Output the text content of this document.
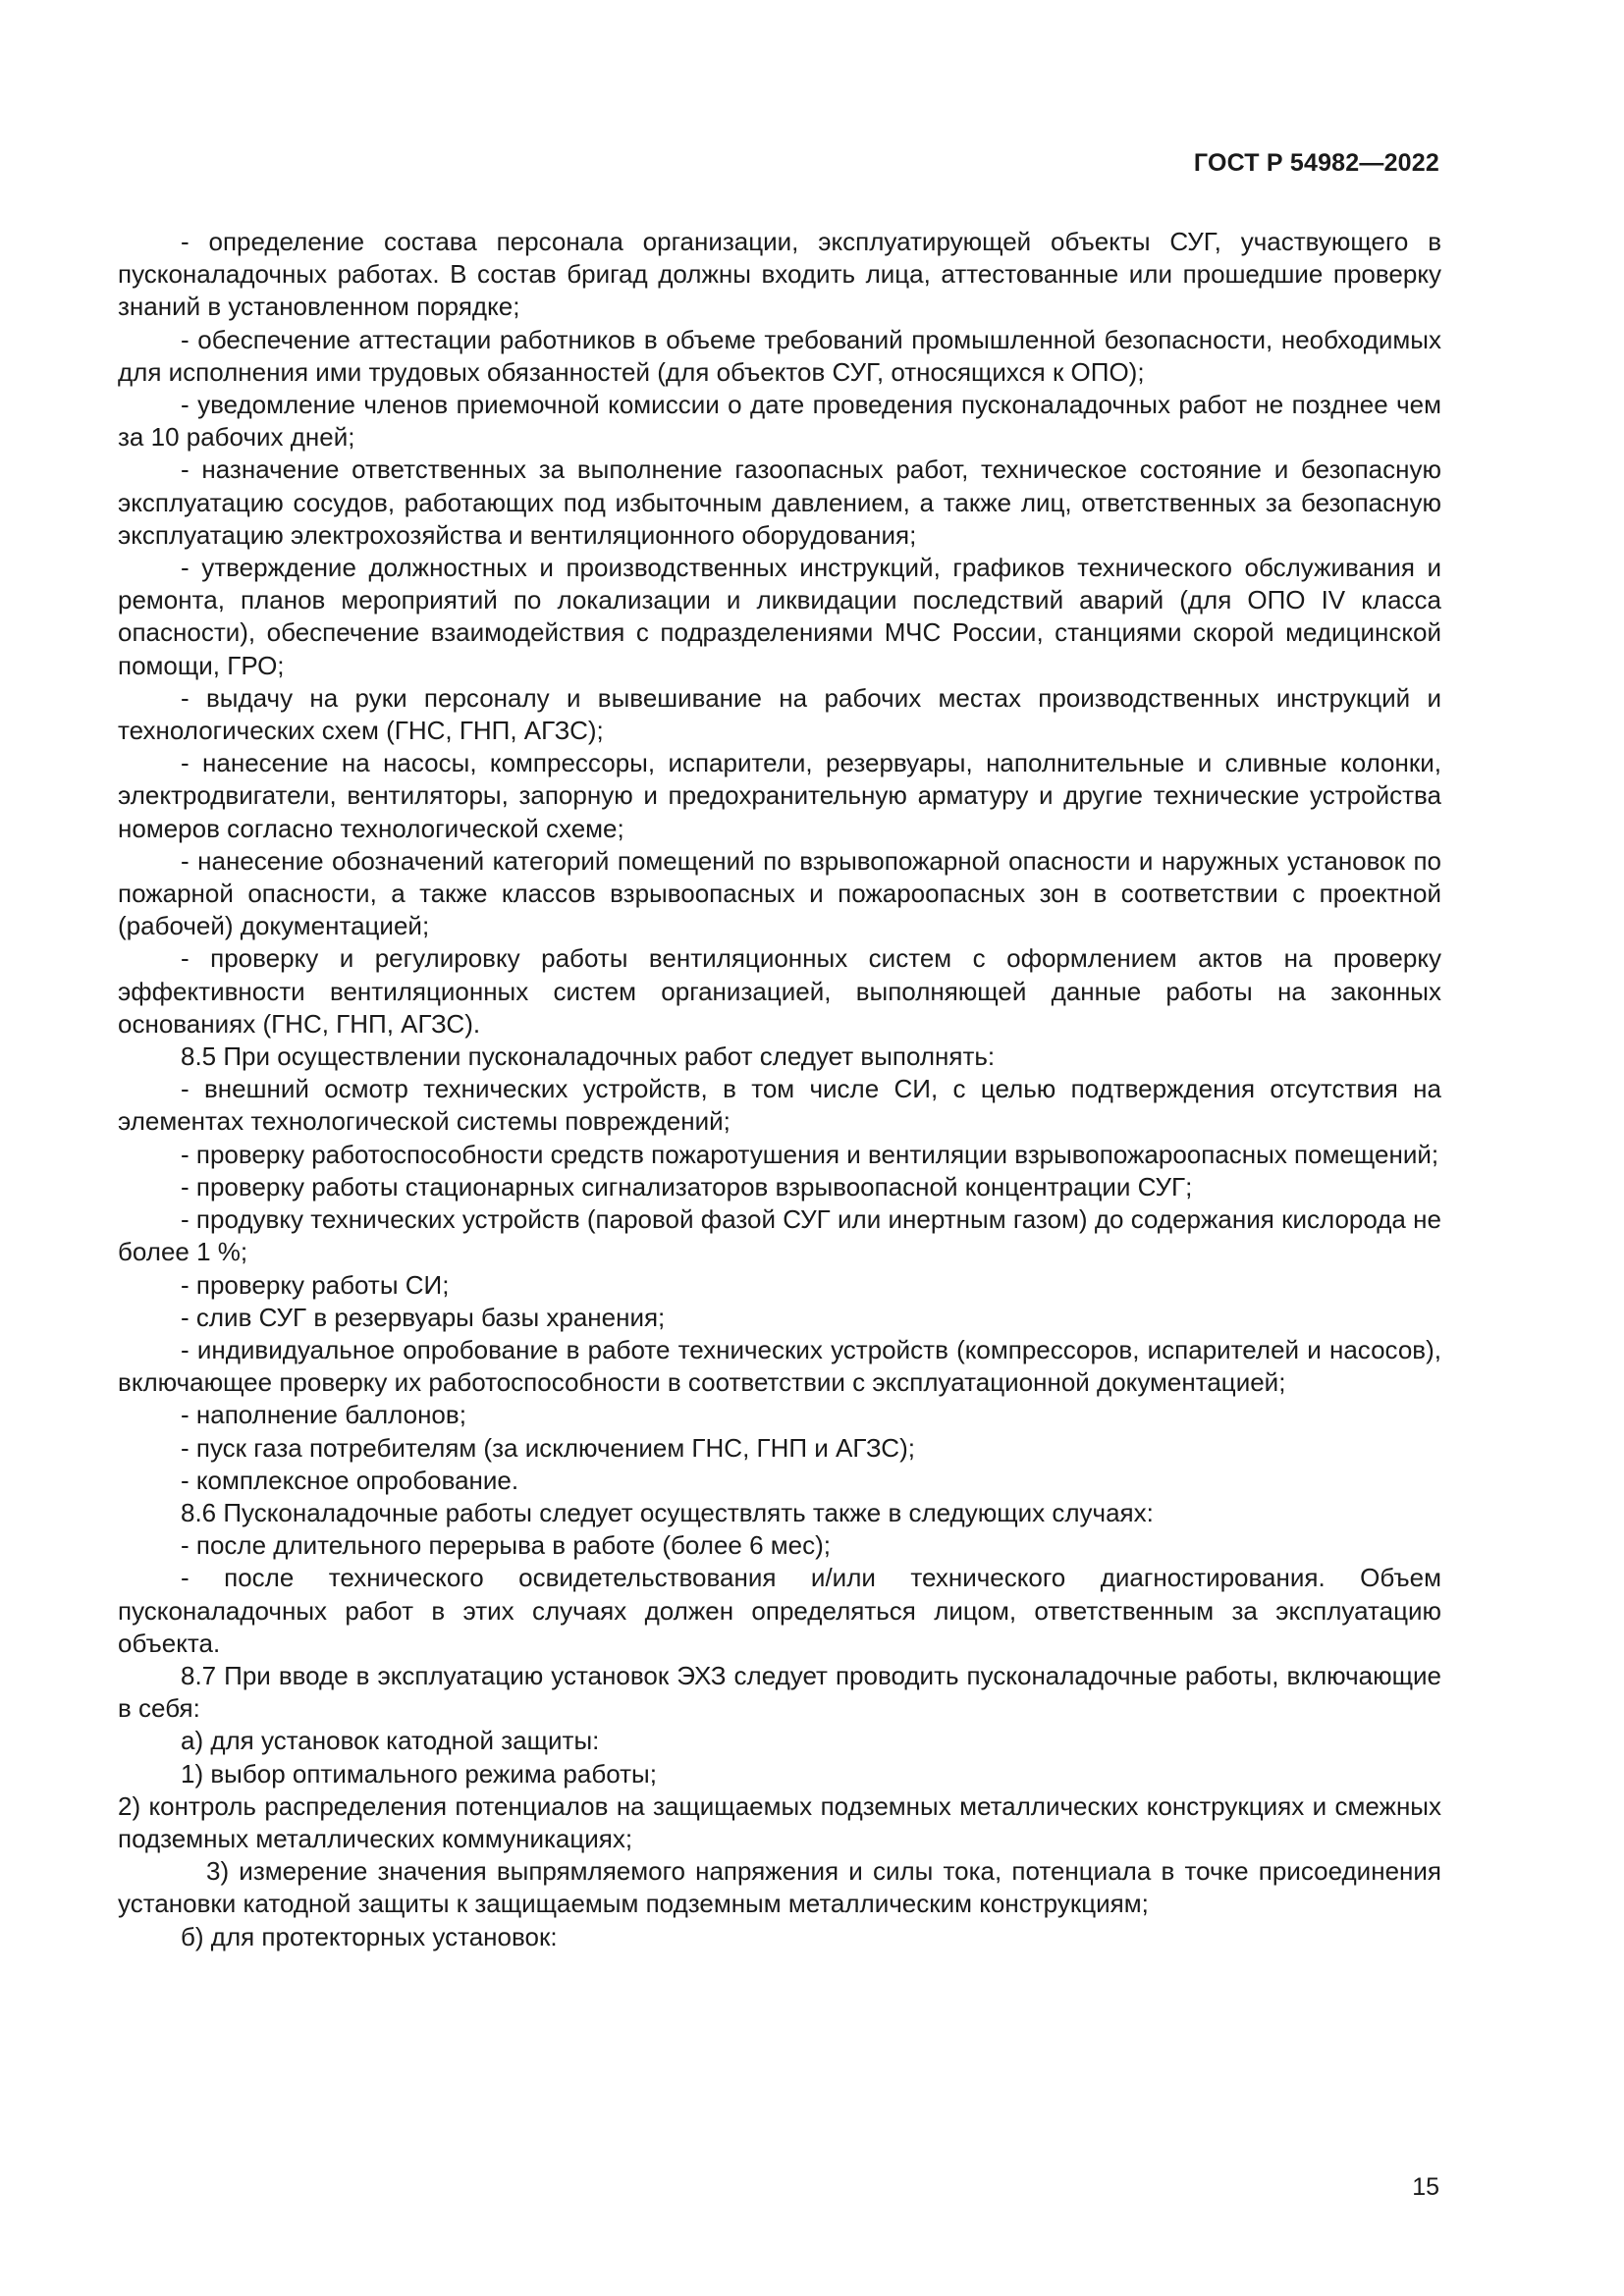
ГОСТ Р 54982—2022

- определение состава персонала организации, эксплуатирующей объекты СУГ, участвующего в пусконаладочных работах. В состав бригад должны входить лица, аттестованные или прошедшие проверку знаний в установленном порядке;

- обеспечение аттестации работников в объеме требований промышленной безопасности, необходимых для исполнения ими трудовых обязанностей (для объектов СУГ, относящихся к ОПО);

- уведомление членов приемочной комиссии о дате проведения пусконаладочных работ не позднее чем за 10 рабочих дней;

- назначение ответственных за выполнение газоопасных работ, техническое состояние и безопасную эксплуатацию сосудов, работающих под избыточным давлением, а также лиц, ответственных за безопасную эксплуатацию электрохозяйства и вентиляционного оборудования;

- утверждение должностных и производственных инструкций, графиков технического обслуживания и ремонта, планов мероприятий по локализации и ликвидации последствий аварий (для ОПО IV класса опасности), обеспечение взаимодействия с подразделениями МЧС России, станциями скорой медицинской помощи, ГРО;

- выдачу на руки персоналу и вывешивание на рабочих местах производственных инструкций и технологических схем (ГНС, ГНП, АГЗС);

- нанесение на насосы, компрессоры, испарители, резервуары, наполнительные и сливные колонки, электродвигатели, вентиляторы, запорную и предохранительную арматуру и другие технические устройства номеров согласно технологической схеме;

- нанесение обозначений категорий помещений по взрывопожарной опасности и наружных установок по пожарной опасности, а также классов взрывоопасных и пожароопасных зон в соответствии с проектной (рабочей) документацией;

- проверку и регулировку работы вентиляционных систем с оформлением актов на проверку эффективности вентиляционных систем организацией, выполняющей данные работы на законных основаниях (ГНС, ГНП, АГЗС).

8.5 При осуществлении пусконаладочных работ следует выполнять:

- внешний осмотр технических устройств, в том числе СИ, с целью подтверждения отсутствия на элементах технологической системы повреждений;

- проверку работоспособности средств пожаротушения и вентиляции взрывопожароопасных помещений;

- проверку работы стационарных сигнализаторов взрывоопасной концентрации СУГ;

- продувку технических устройств (паровой фазой СУГ или инертным газом) до содержания кислорода не более 1 %;

- проверку работы СИ;

- слив СУГ в резервуары базы хранения;

- индивидуальное опробование в работе технических устройств (компрессоров, испарителей и насосов), включающее проверку их работоспособности в соответствии с эксплуатационной документацией;

- наполнение баллонов;

- пуск газа потребителям (за исключением ГНС, ГНП и АГЗС);

- комплексное опробование.

8.6 Пусконаладочные работы следует осуществлять также в следующих случаях:

- после длительного перерыва в работе (более 6 мес);

- после технического освидетельствования и/или технического диагностирования. Объем пусконаладочных работ в этих случаях должен определяться лицом, ответственным за эксплуатацию объекта.

8.7 При вводе в эксплуатацию установок ЭХЗ следует проводить пусконаладочные работы, включающие в себя:

а) для установок катодной защиты:

1) выбор оптимального режима работы;

2) контроль распределения потенциалов на защищаемых подземных металлических конструкциях и смежных подземных металлических коммуникациях;

3) измерение значения выпрямляемого напряжения и силы тока, потенциала в точке присоединения установки катодной защиты к защищаемым подземным металлическим конструкциям;

б) для протекторных установок:

15
